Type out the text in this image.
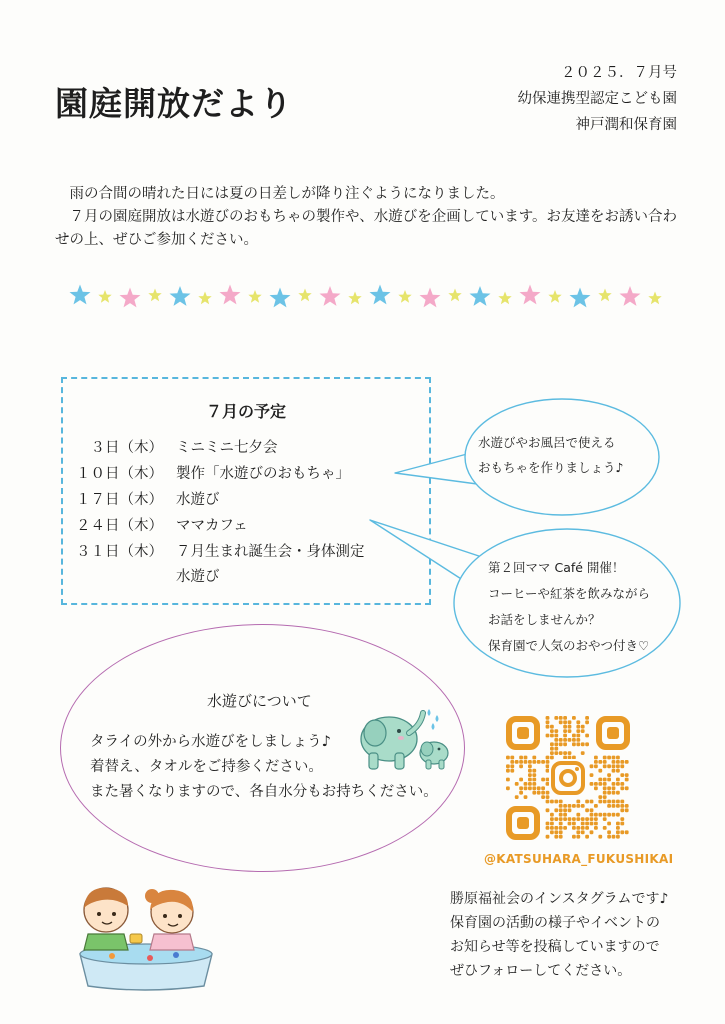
園庭開放だより
２０２５．７月号
幼保連携型認定こども園
神戸潤和保育園

雨の合間の晴れた日には夏の日差しが降り注ぐようになりました。

７月の園庭開放は水遊びのおもちゃの製作や、水遊びを企画しています。お友達をお誘い合わせの上、ぜひご参加ください。

７月の予定
３日（木） ミニミニ七夕会
１０日（木） 製作「水遊びのおもちゃ」
１７日（木） 水遊び
２４日（木） ママカフェ
３１日（木） ７月生まれ誕生会・身体測定
水遊び
水遊びやお風呂で使える
おもちゃを作りましょう♪
第２回ママ Café 開催！
コーヒーや紅茶を飲みながら
お話をしませんか？
保育園で人気のおやつ付き♡
水遊びについて
タライの外から水遊びをしましょう♪
着替え、タオルをご持参ください。
また暑くなりますので、各自水分もお持ちください。
@KATSUHARA_FUKUSHIKAI
勝原福祉会のインスタグラムです♪
保育園の活動の様子やイベントの
お知らせ等を投稿していますので
ぜひフォローしてください。
